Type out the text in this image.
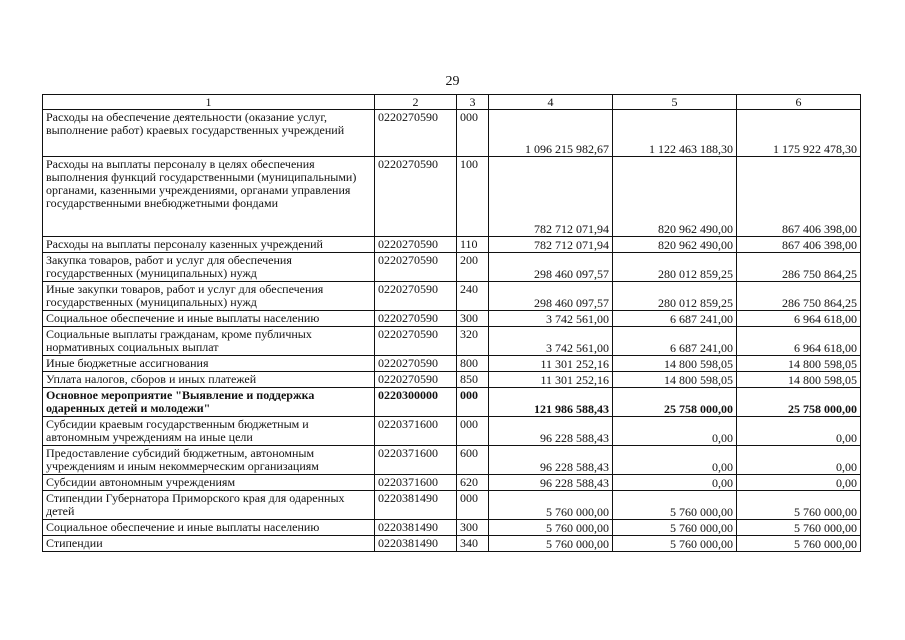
29
1	2	3	4	5	6
Расходы на обеспечение деятельности (оказание услуг, выполнение работ) краевых государственных учреждений	0220270590	000	1 096 215 982,67	1 122 463 188,30	1 175 922 478,30
Расходы на выплаты персоналу в целях обеспечения выполнения функций государственными (муниципальными) органами, казенными учреждениями, органами управления государственными внебюджетными фондами	0220270590	100	782 712 071,94	820 962 490,00	867 406 398,00
Расходы на выплаты персоналу казенных учреждений	0220270590	110	782 712 071,94	820 962 490,00	867 406 398,00
Закупка товаров, работ и услуг для обеспечения государственных (муниципальных) нужд	0220270590	200	298 460 097,57	280 012 859,25	286 750 864,25
Иные закупки товаров, работ и услуг для обеспечения государственных (муниципальных) нужд	0220270590	240	298 460 097,57	280 012 859,25	286 750 864,25
Социальное обеспечение и иные выплаты населению	0220270590	300	3 742 561,00	6 687 241,00	6 964 618,00
Социальные выплаты гражданам, кроме публичных нормативных социальных выплат	0220270590	320	3 742 561,00	6 687 241,00	6 964 618,00
Иные бюджетные ассигнования	0220270590	800	11 301 252,16	14 800 598,05	14 800 598,05
Уплата налогов, сборов и иных платежей	0220270590	850	11 301 252,16	14 800 598,05	14 800 598,05
Основное мероприятие "Выявление и поддержка одаренных детей и молодежи"	0220300000	000	121 986 588,43	25 758 000,00	25 758 000,00
Субсидии краевым государственным бюджетным и автономным учреждениям на иные цели	0220371600	000	96 228 588,43	0,00	0,00
Предоставление субсидий бюджетным, автономным учреждениям и иным некоммерческим организациям	0220371600	600	96 228 588,43	0,00	0,00
Субсидии автономным учреждениям	0220371600	620	96 228 588,43	0,00	0,00
Стипендии Губернатора Приморского края для одаренных детей	0220381490	000	5 760 000,00	5 760 000,00	5 760 000,00
Социальное обеспечение и иные выплаты населению	0220381490	300	5 760 000,00	5 760 000,00	5 760 000,00
Стипендии	0220381490	340	5 760 000,00	5 760 000,00	5 760 000,00
